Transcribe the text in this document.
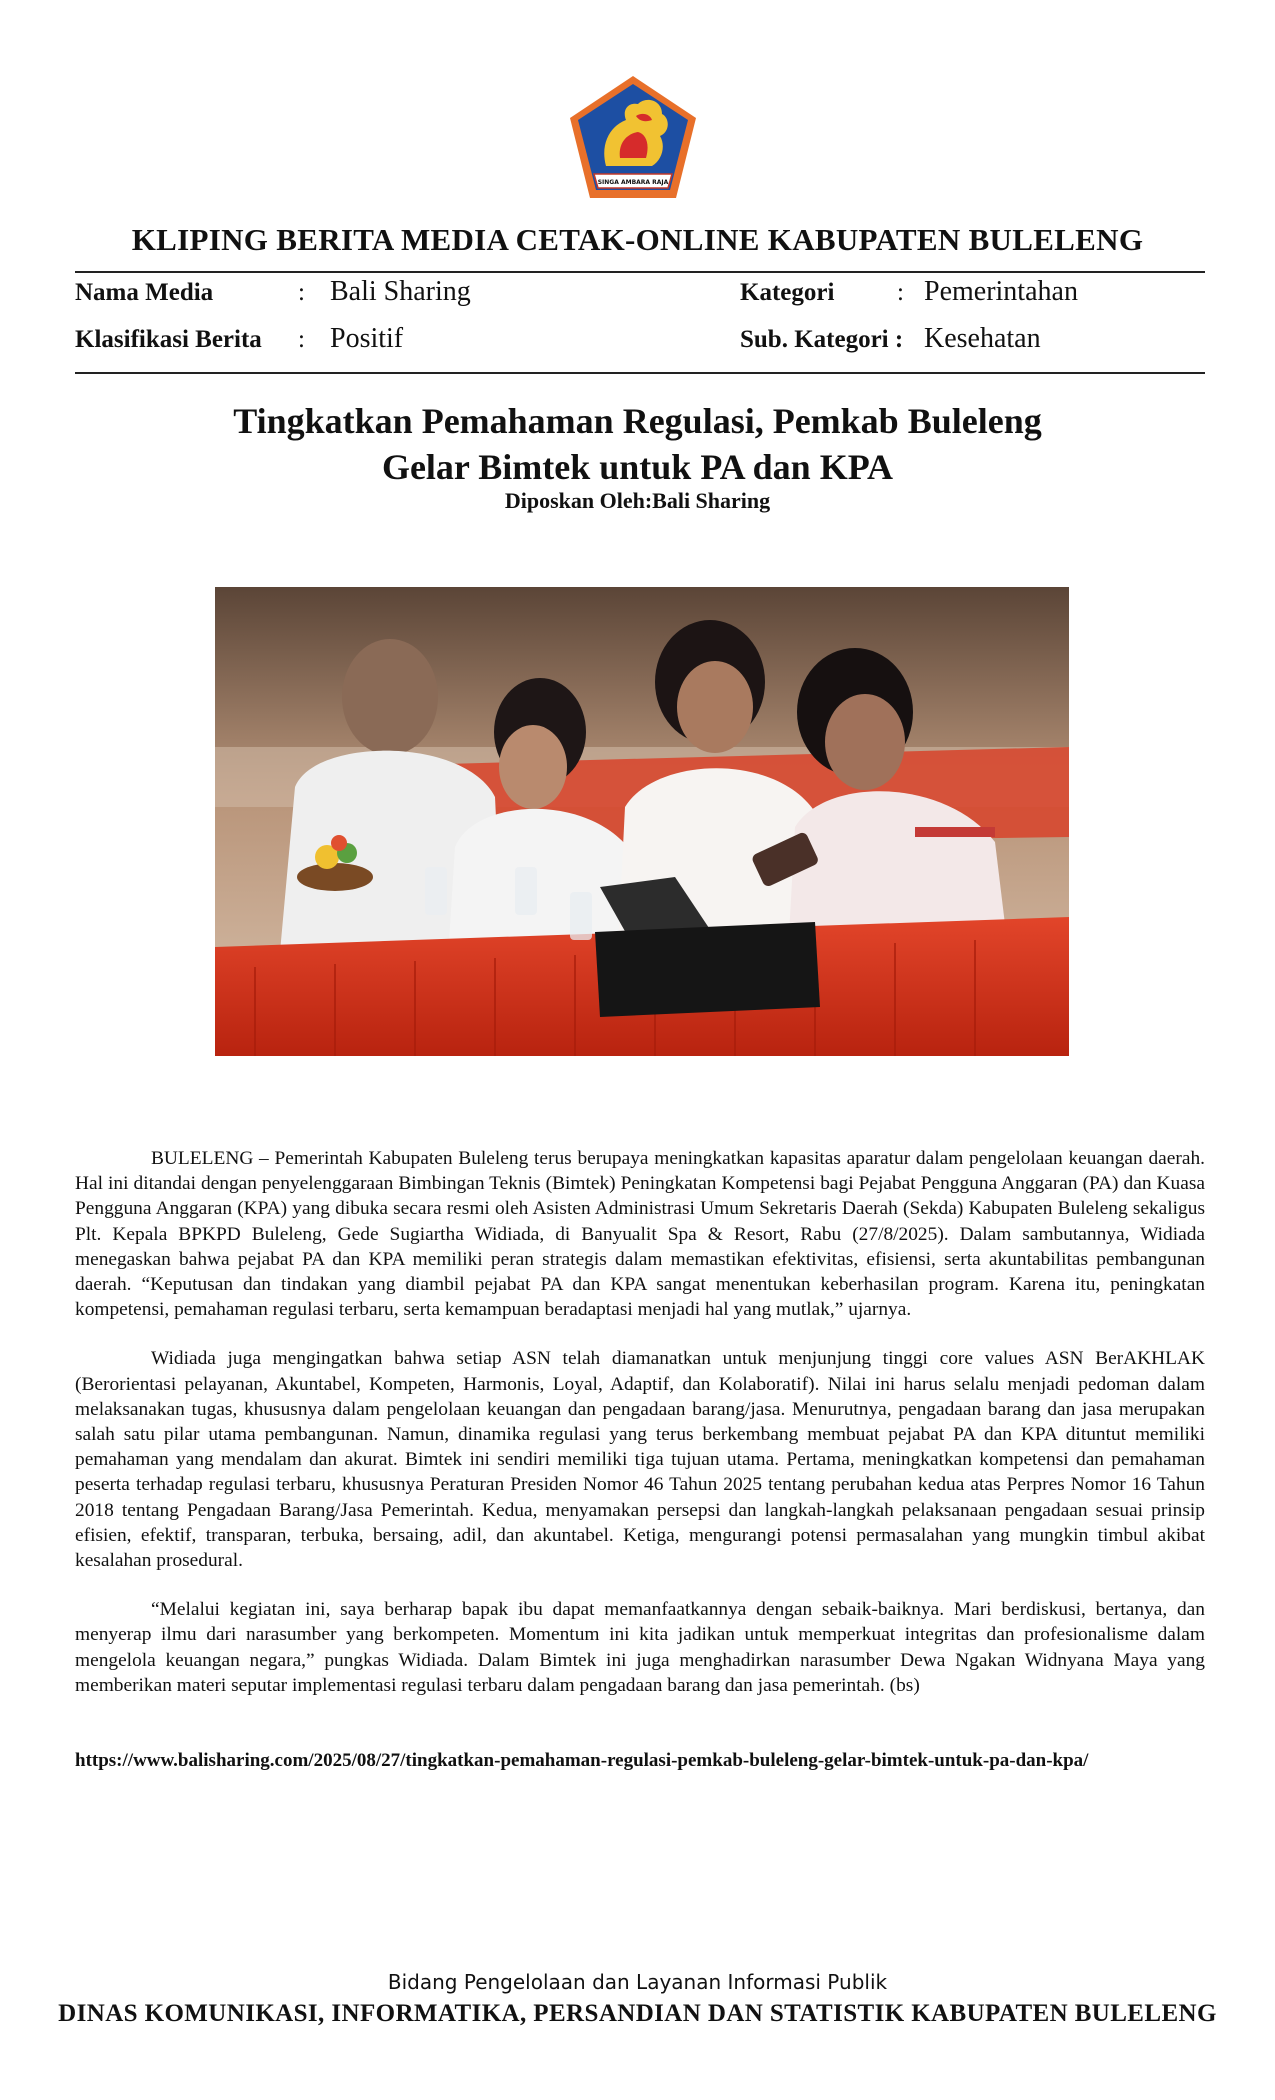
SINGA AMBARA RAJA
KLIPING BERITA MEDIA CETAK-ONLINE KABUPATEN BULELENG
Nama Media	: Bali Sharing	Kategori	: Pemerintahan
Klasifikasi Berita : Positif	Sub. Kategori : Kesehatan
Tingkatkan Pemahaman Regulasi, Pemkab Buleleng
Gelar Bimtek untuk PA dan KPA
Diposkan Oleh:Bali Sharing

BULELENG – Pemerintah Kabupaten Buleleng terus berupaya meningkatkan kapasitas aparatur dalam pengelolaan keuangan daerah. Hal ini ditandai dengan penyelenggaraan Bimbingan Teknis (Bimtek) Peningkatan Kompetensi bagi Pejabat Pengguna Anggaran (PA) dan Kuasa Pengguna Anggaran (KPA) yang dibuka secara resmi oleh Asisten Administrasi Umum Sekretaris Daerah (Sekda) Kabupaten Buleleng sekaligus Plt. Kepala BPKPD Buleleng, Gede Sugiartha Widiada, di Banyualit Spa & Resort, Rabu (27/8/2025). Dalam sambutannya, Widiada menegaskan bahwa pejabat PA dan KPA memiliki peran strategis dalam memastikan efektivitas, efisiensi, serta akuntabilitas pembangunan daerah. “Keputusan dan tindakan yang diambil pejabat PA dan KPA sangat menentukan keberhasilan program. Karena itu, peningkatan kompetensi, pemahaman regulasi terbaru, serta kemampuan beradaptasi menjadi hal yang mutlak,” ujarnya.

Widiada juga mengingatkan bahwa setiap ASN telah diamanatkan untuk menjunjung tinggi core values ASN BerAKHLAK (Berorientasi pelayanan, Akuntabel, Kompeten, Harmonis, Loyal, Adaptif, dan Kolaboratif). Nilai ini harus selalu menjadi pedoman dalam melaksanakan tugas, khususnya dalam pengelolaan keuangan dan pengadaan barang/jasa. Menurutnya, pengadaan barang dan jasa merupakan salah satu pilar utama pembangunan. Namun, dinamika regulasi yang terus berkembang membuat pejabat PA dan KPA dituntut memiliki pemahaman yang mendalam dan akurat. Bimtek ini sendiri memiliki tiga tujuan utama. Pertama, meningkatkan kompetensi dan pemahaman peserta terhadap regulasi terbaru, khususnya Peraturan Presiden Nomor 46 Tahun 2025 tentang perubahan kedua atas Perpres Nomor 16 Tahun 2018 tentang Pengadaan Barang/Jasa Pemerintah. Kedua, menyamakan persepsi dan langkah-langkah pelaksanaan pengadaan sesuai prinsip efisien, efektif, transparan, terbuka, bersaing, adil, dan akuntabel. Ketiga, mengurangi potensi permasalahan yang mungkin timbul akibat kesalahan prosedural.

“Melalui kegiatan ini, saya berharap bapak ibu dapat memanfaatkannya dengan sebaik-baiknya. Mari berdiskusi, bertanya, dan menyerap ilmu dari narasumber yang berkompeten. Momentum ini kita jadikan untuk memperkuat integritas dan profesionalisme dalam mengelola keuangan negara,” pungkas Widiada. Dalam Bimtek ini juga menghadirkan narasumber Dewa Ngakan Widnyana Maya yang memberikan materi seputar implementasi regulasi terbaru dalam pengadaan barang dan jasa pemerintah. (bs)

https://www.balisharing.com/2025/08/27/tingkatkan-pemahaman-regulasi-pemkab-buleleng-gelar-bimtek-untuk-pa-dan-kpa/
Bidang Pengelolaan dan Layanan Informasi Publik
DINAS KOMUNIKASI, INFORMATIKA, PERSANDIAN DAN STATISTIK KABUPATEN BULELENG
